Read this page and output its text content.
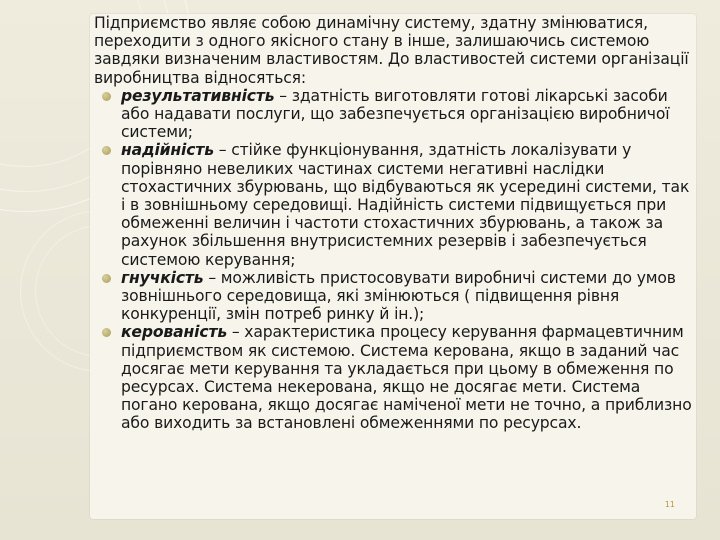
Підприємство являє собою динамічну систему, здатну змінюватися, переходити з одного якісного стану в інше, залишаючись системою завдяки визначеним властивостям. До властивостей системи організації виробництва відносяться:

результативність – здатність виготовляти готові лікарські засоби або надавати послуги, що забезпечується організацією виробничої системи;
надійність – стійке функціонування, здатність локалізувати у порівняно невеликих частинах системи негативні наслідки стохастичних збурювань, що відбуваються як усередині системи, так і в зовнішньому середовищі. Надійність системи підвищується при обмеженні величин і частоти стохастичних збурювань, а також за рахунок збільшення внутрисистемних резервів і забезпечується системою керування;
гнучкість – можливість пристосовувати виробничі системи до умов зовнішнього середовища, які змінюються ( підвищення рівня конкуренції, змін потреб ринку й ін.);
керованість – характеристика процесу керування фармацевтичним підприємством як системою. Система керована, якщо в заданий час досягає мети керування та укладається при цьому в обмеження по ресурсах. Система некерована, якщо не досягає мети. Система погано керована, якщо досягає наміченої мети не точно, а приблизно або виходить за встановлені обмеженнями по ресурсах.
11
